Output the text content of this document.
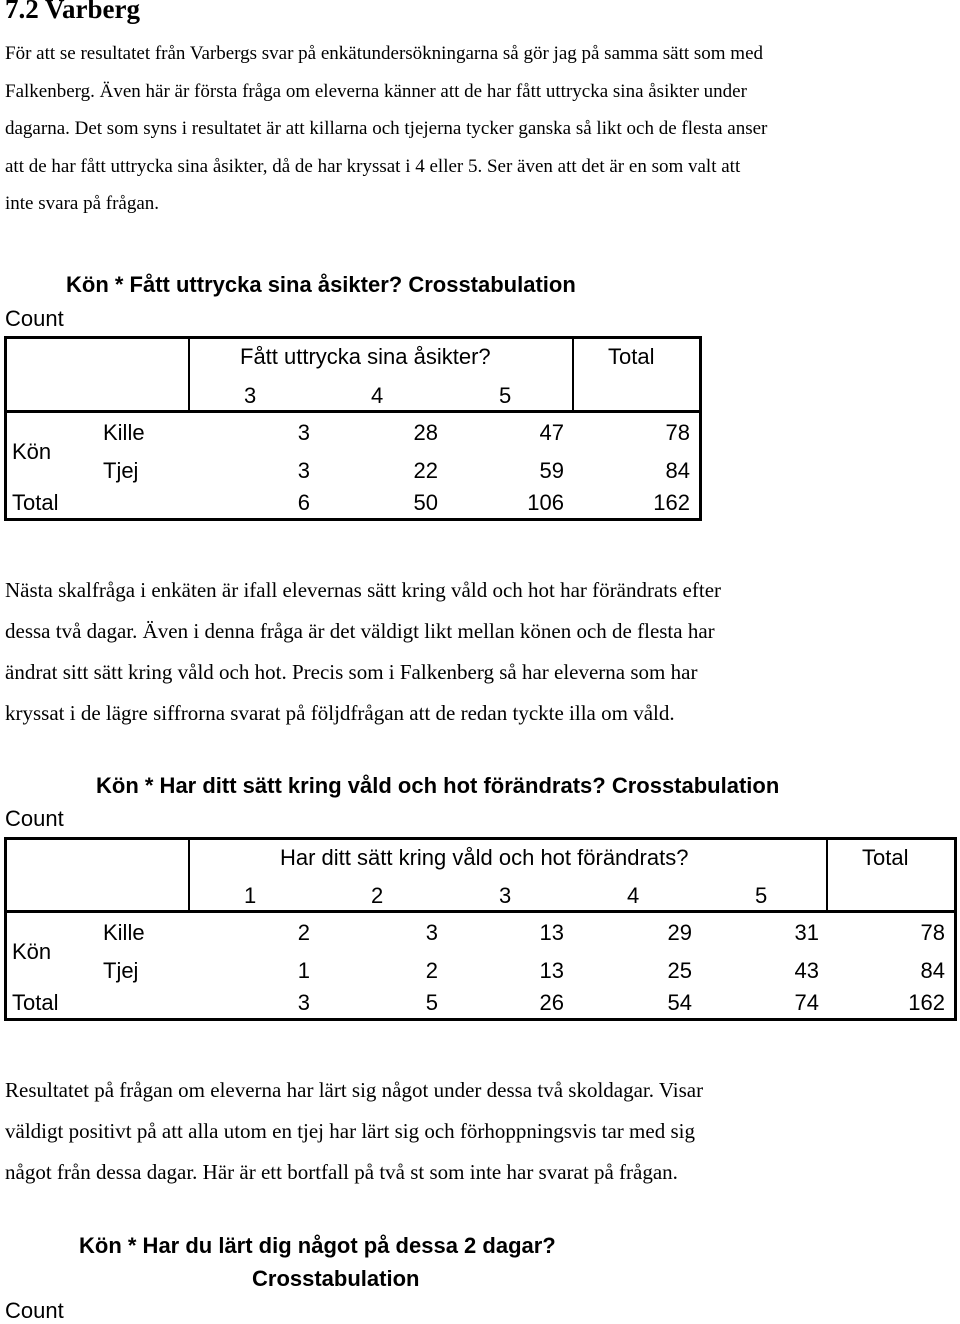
7.2 Varberg
För att se resultatet från Varbergs svar på enkätundersökningarna så gör jag på samma sätt som med
Falkenberg. Även här är första fråga om eleverna känner att de har fått uttrycka sina åsikter under
dagarna. Det som syns i resultatet är att killarna och tjejerna tycker ganska så likt och de flesta anser
att de har fått uttrycka sina åsikter, då de har kryssat i 4 eller 5. Ser även att det är en som valt att
inte svara på frågan.
Kön * Fått uttrycka sina åsikter? Crosstabulation
Count
Fått uttrycka sina åsikter?	Total
3	4	5
Kön
Kille	3	28	47	78
Tjej	3	22	59	84
Total	6	50	106	162
Nästa skalfråga i enkäten är ifall elevernas sätt kring våld och hot har förändrats efter
dessa två dagar. Även i denna fråga är det väldigt likt mellan könen och de flesta har
ändrat sitt sätt kring våld och hot. Precis som i Falkenberg så har eleverna som har
kryssat i de lägre siffrorna svarat på följdfrågan att de redan tyckte illa om våld.
Kön * Har ditt sätt kring våld och hot förändrats? Crosstabulation
Count
Har ditt sätt kring våld och hot förändrats?	Total
1	2	3	4	5
Kön
Kille	2	3	13	29	31	78
Tjej	1	2	13	25	43	84
Total	3	5	26	54	74	162
Resultatet på frågan om eleverna har lärt sig något under dessa två skoldagar. Visar
väldigt positivt på att alla utom en tjej har lärt sig och förhoppningsvis tar med sig
något från dessa dagar. Här är ett bortfall på två st som inte har svarat på frågan.
Kön * Har du lärt dig något på dessa 2 dagar?
Crosstabulation
Count
